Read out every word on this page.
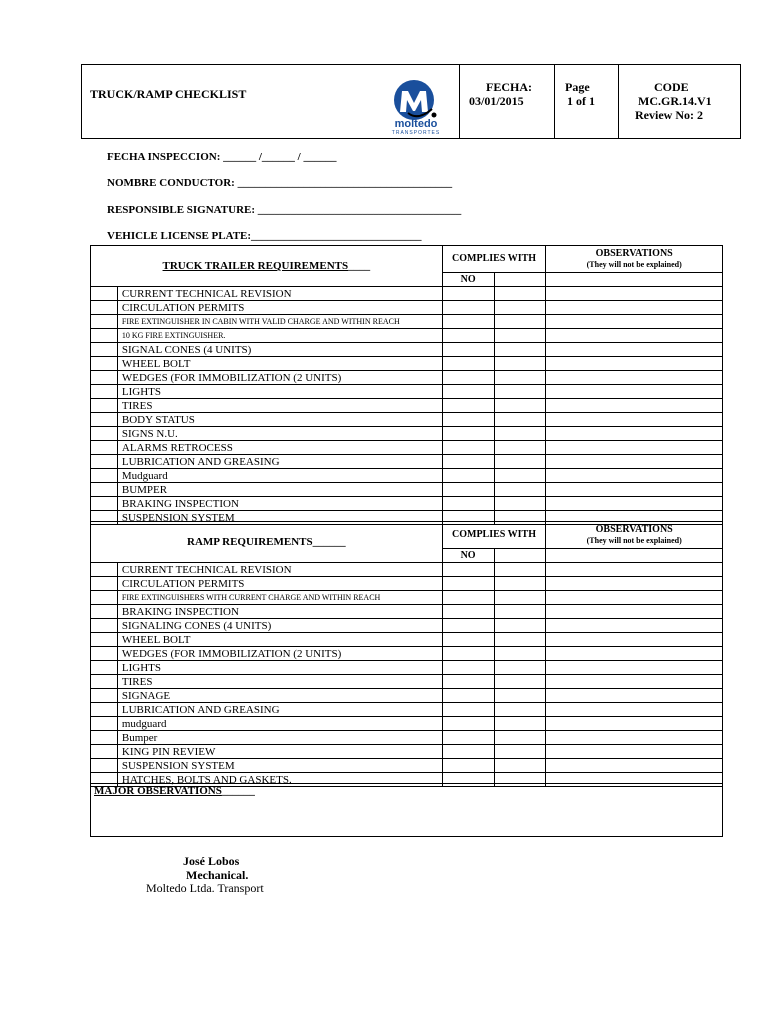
TRUCK/RAMP CHECKLIST
moltedo
TRANSPORTES
FECHA:
03/01/2015
Page
1 of 1
CODE
MC.GR.14.V1
Review No: 2
FECHA INSPECCION: ______ /______ / ______
NOMBRE CONDUCTOR: _______________________________________
RESPONSIBLE SIGNATURE: _____________________________________
VEHICLE LICENSE PLATE:_______________________________
TRUCK TRAILER REQUIREMENTS____		COMPLIES WITH		OBSERVATIONS
(They will not be explained)

		NO		
	CURRENT TECHNICAL REVISION			
	CIRCULATION PERMITS			
	FIRE EXTINGUISHER IN CABIN WITH VALID CHARGE AND WITHIN REACH			
	10 KG FIRE EXTINGUISHER.			
	SIGNAL CONES (4 UNITS)			
	WHEEL BOLT			
	WEDGES (FOR IMMOBILIZATION (2 UNITS)			
	LIGHTS			
	TIRES			
	BODY STATUS			
	SIGNS N.U.			
	ALARMS RETROCESS			
	LUBRICATION AND GREASING			
	Mudguard			
	BUMPER			
	BRAKING INSPECTION			
	SUSPENSION SYSTEM			
RAMP REQUIREMENTS______		COMPLIES WITH		OBSERVATIONS
(They will not be explained)

		NO		
	CURRENT TECHNICAL REVISION			
	CIRCULATION PERMITS			
	FIRE EXTINGUISHERS WITH CURRENT CHARGE AND WITHIN REACH			
	BRAKING INSPECTION			
	SIGNALING CONES (4 UNITS)			
	WHEEL BOLT			
	WEDGES (FOR IMMOBILIZATION (2 UNITS)			
	LIGHTS			
	TIRES			
	SIGNAGE			
	LUBRICATION AND GREASING			
	mudguard			
	Bumper			
	KING PIN REVIEW			
	SUSPENSION SYSTEM			
	HATCHES, BOLTS AND GASKETS.			
MAJOR OBSERVATIONS______
José Lobos
Mechanical.
Moltedo Ltda. Transport
